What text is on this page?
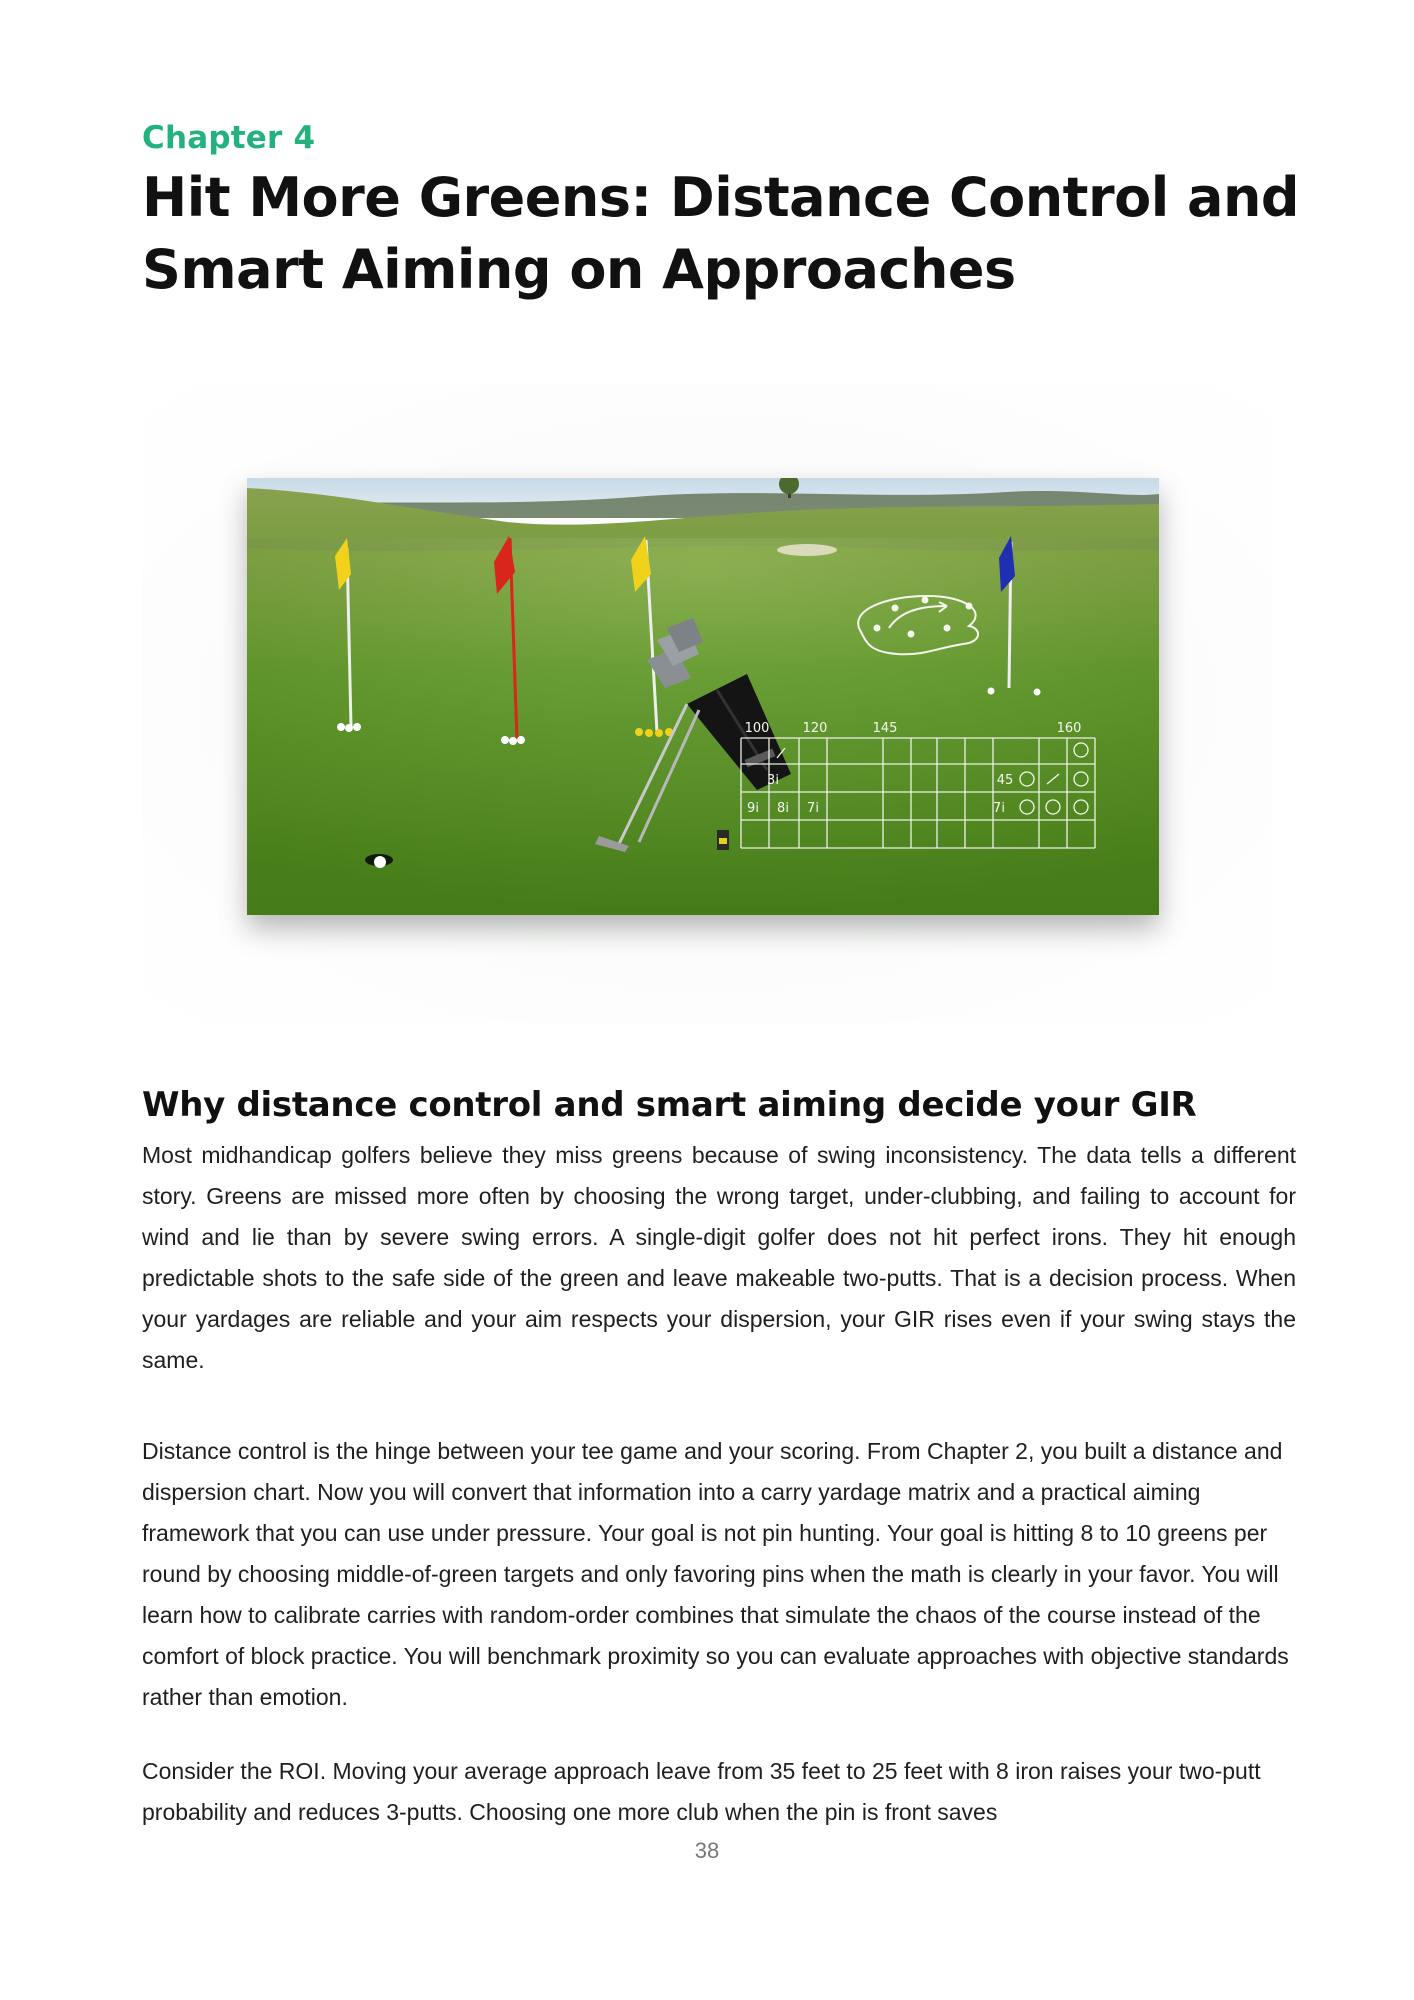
Chapter 4
Hit More Greens: Distance Control and Smart Aiming on Approaches
100	120	145	160
3i	45
9i 8i 7i	7i
Why distance control and smart aiming decide your GIR

Most midhandicap golfers believe they miss greens because of swing inconsistency. The data tells a different story. Greens are missed more often by choosing the wrong target, under-clubbing, and failing to account for wind and lie than by severe swing errors. A single-digit golfer does not hit perfect irons. They hit enough predictable shots to the safe side of the green and leave makeable two-putts. That is a decision process. When your yardages are reliable and your aim respects your dispersion, your GIR rises even if your swing stays the same.

Distance control is the hinge between your tee game and your scoring. From Chapter 2, you built a distance and dispersion chart. Now you will convert that information into a carry yardage matrix and a practical aiming framework that you can use under pressure. Your goal is not pin hunting. Your goal is hitting 8 to 10 greens per round by choosing middle-of-green targets and only favoring pins when the math is clearly in your favor. You will learn how to calibrate carries with random-order combines that simulate the chaos of the course instead of the comfort of block practice. You will benchmark proximity so you can evaluate approaches with objective standards rather than emotion.

Consider the ROI. Moving your average approach leave from 35 feet to 25 feet with 8 iron raises your two-putt probability and reduces 3-putts. Choosing one more club when the pin is front saves

38
